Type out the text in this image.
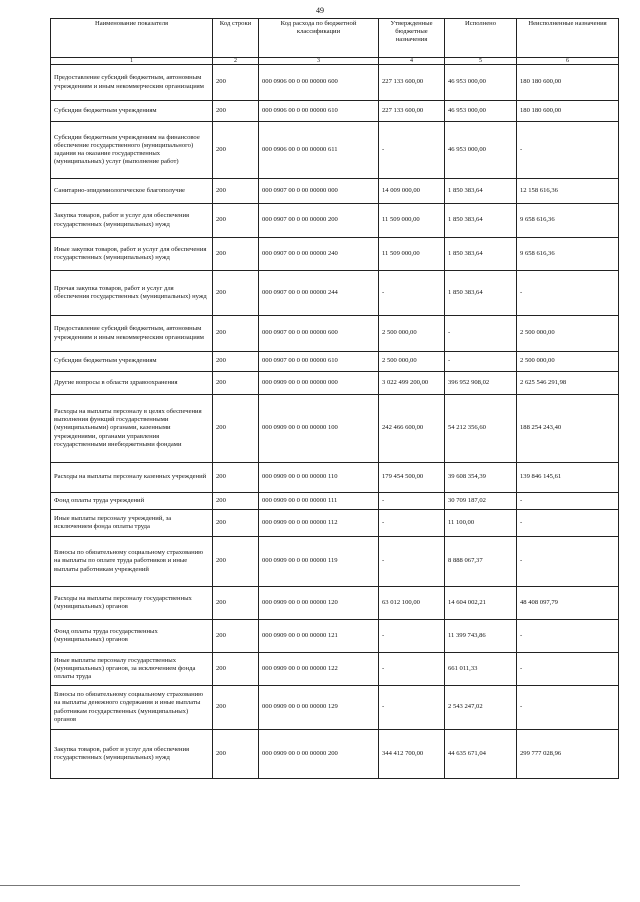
49
Наименование показателя	Код строки	Код расхода по бюджетной классификации	Утвержденные бюджетные назначения	Исполнено	Неисполненные назначения
1	2	3	4	5	6
Предоставление субсидий бюджетным, автономным учреждениям и иным некоммерческим организациям	200	000 0906 00 0 00 00000 600	227 133 600,00	46 953 000,00	180 180 600,00
Субсидии бюджетным учреждениям	200	000 0906 00 0 00 00000 610	227 133 600,00	46 953 000,00	180 180 600,00
Субсидии бюджетным учреждениям на финансовое обеспечение государственного (муниципального) задания на оказание государственных (муниципальных) услуг (выполнение работ)	200	000 0906 00 0 00 00000 611	-	46 953 000,00	-
Санитарно-эпидемиологическое благополучие	200	000 0907 00 0 00 00000 000	14 009 000,00	1 850 383,64	12 158 616,36
Закупка товаров, работ и услуг для обеспечения государственных (муниципальных) нужд	200	000 0907 00 0 00 00000 200	11 509 000,00	1 850 383,64	9 658 616,36
Иные закупки товаров, работ и услуг для обеспечения государственных (муниципальных) нужд	200	000 0907 00 0 00 00000 240	11 509 000,00	1 850 383,64	9 658 616,36
Прочая закупка товаров, работ и услуг для обеспечения государственных (муниципальных) нужд	200	000 0907 00 0 00 00000 244	-	1 850 383,64	-
Предоставление субсидий бюджетным, автономным учреждениям и иным некоммерческим организациям	200	000 0907 00 0 00 00000 600	2 500 000,00	-	2 500 000,00
Субсидии бюджетным учреждениям	200	000 0907 00 0 00 00000 610	2 500 000,00	-	2 500 000,00
Другие вопросы в области здравоохранения	200	000 0909 00 0 00 00000 000	3 022 499 200,00	396 952 908,02	2 625 546 291,98
Расходы на выплаты персоналу в целях обеспечения выполнения функций государственными (муниципальными) органами, казенными учреждениями, органами управления государственными внебюджетными фондами	200	000 0909 00 0 00 00000 100	242 466 600,00	54 212 356,60	188 254 243,40
Расходы на выплаты персоналу казенных учреждений	200	000 0909 00 0 00 00000 110	179 454 500,00	39 608 354,39	139 846 145,61
Фонд оплаты труда учреждений	200	000 0909 00 0 00 00000 111	-	30 709 187,02	-
Иные выплаты персоналу учреждений, за исключением фонда оплаты труда	200	000 0909 00 0 00 00000 112	-	11 100,00	-
Взносы по обязательному социальному страхованию на выплаты по оплате труда работников и иные выплаты работникам учреждений	200	000 0909 00 0 00 00000 119	-	8 888 067,37	-
Расходы на выплаты персоналу государственных (муниципальных) органов	200	000 0909 00 0 00 00000 120	63 012 100,00	14 604 002,21	48 408 097,79
Фонд оплаты труда государственных (муниципальных) органов	200	000 0909 00 0 00 00000 121	-	11 399 743,86	-
Иные выплаты персоналу государственных (муниципальных) органов, за исключением фонда оплаты труда	200	000 0909 00 0 00 00000 122	-	661 011,33	-
Взносы по обязательному социальному страхованию на выплаты денежного содержания и иные выплаты работникам государственных (муниципальных) органов	200	000 0909 00 0 00 00000 129	-	2 543 247,02	-
Закупка товаров, работ и услуг для обеспечения государственных (муниципальных) нужд	200	000 0909 00 0 00 00000 200	344 412 700,00	44 635 671,04	299 777 028,96
